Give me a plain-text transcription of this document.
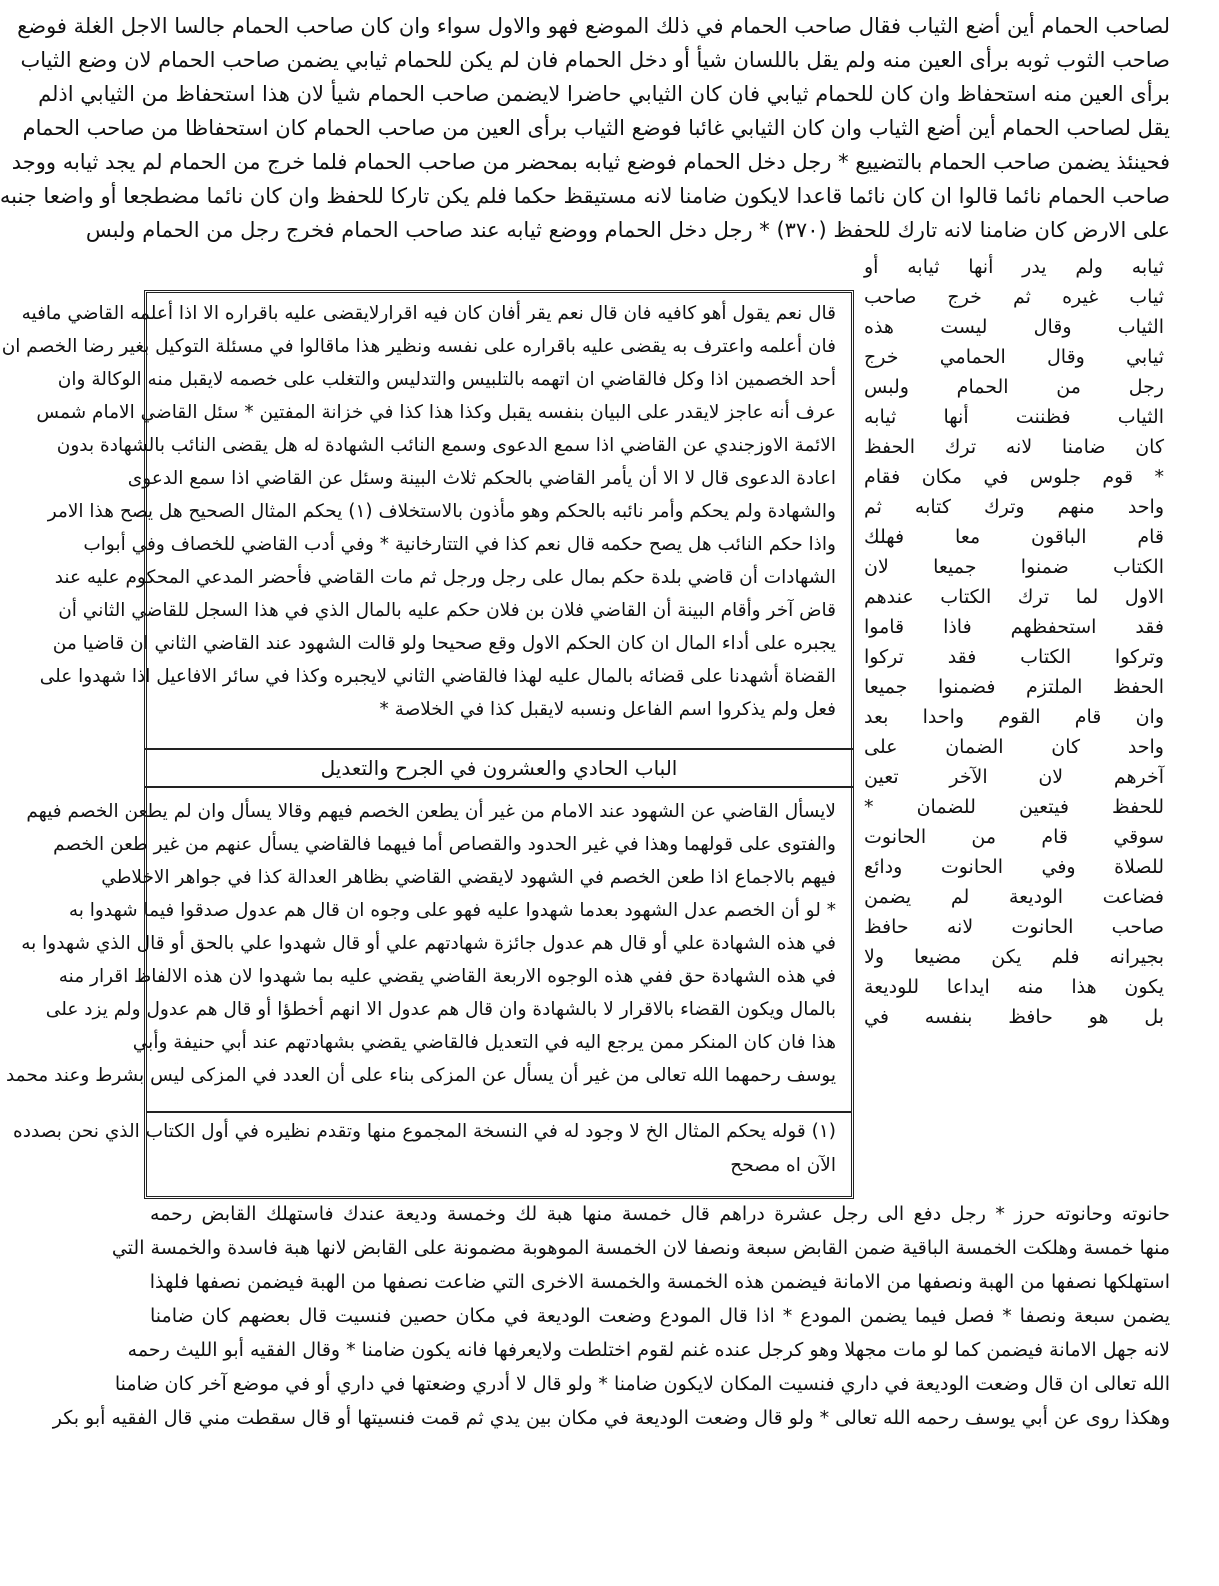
لصاحب الحمام أين أضع الثياب فقال صاحب الحمام في ذلك الموضع فهو والاول سواء وان كان صاحب الحمام جالسا الاجل الغلة فوضع
صاحب الثوب ثوبه برأى العين منه ولم يقل باللسان شيأ أو دخل الحمام فان لم يكن للحمام ثيابي يضمن صاحب الحمام لان وضع الثياب
برأى العين منه استحفاظ وان كان للحمام ثيابي فان كان الثيابي حاضرا لايضمن صاحب الحمام شيأ لان هذا استحفاظ من الثيابي اذلم
يقل لصاحب الحمام أين أضع الثياب وان كان الثيابي غائبا فوضع الثياب برأى العين من صاحب الحمام كان استحفاظا من صاحب الحمام
فحينئذ يضمن صاحب الحمام بالتضييع * رجل دخل الحمام فوضع ثيابه بمحضر من صاحب الحمام فلما خرج من الحمام لم يجد ثيابه ووجد
صاحب الحمام نائما قالوا ان كان نائما قاعدا لايكون ضامنا لانه مستيقظ حكما فلم يكن تاركا للحفظ وان كان نائما مضطجعا أو واضعا جنبه
على الارض كان ضامنا لانه تارك للحفظ (٣٧٠) * رجل دخل الحمام ووضع ثيابه عند صاحب الحمام فخرج رجل من الحمام ولبس
ثيابه ولم يدر أنها ثيابه أو
ثياب غيره ثم خرج صاحب
الثياب وقال ليست هذه
ثيابي وقال الحمامي خرج
رجل من الحمام ولبس
الثياب فظننت أنها ثيابه
كان ضامنا لانه ترك الحفظ
* قوم جلوس في مكان فقام
واحد منهم وترك كتابه ثم
قام الباقون معا فهلك
الكتاب ضمنوا جميعا لان
الاول لما ترك الكتاب عندهم
فقد استحفظهم فاذا قاموا
وتركوا الكتاب فقد تركوا
الحفظ الملتزم فضمنوا جميعا
وان قام القوم واحدا بعد
واحد كان الضمان على
آخرهم لان الآخر تعين
للحفظ فيتعين للضمان *
سوقي قام من الحانوت
للصلاة وفي الحانوت ودائع
فضاعت الوديعة لم يضمن
صاحب الحانوت لانه حافظ
بجيرانه فلم يكن مضيعا ولا
يكون هذا منه ايداعا للوديعة
بل هو حافظ بنفسه في
قال نعم يقول أهو كافيه فان قال نعم يقر أفان كان فيه اقرارلايقضى عليه باقراره الا اذا أعلمه القاضي مافيه
فان أعلمه واعترف به يقضى عليه باقراره على نفسه ونظير هذا ماقالوا في مسئلة التوكيل بغير رضا الخصم ان
أحد الخصمين اذا وكل فالقاضي ان اتهمه بالتلبيس والتدليس والتغلب على خصمه لايقبل منه الوكالة وان
عرف أنه عاجز لايقدر على البيان بنفسه يقبل وكذا هذا كذا في خزانة المفتين * سئل القاضي الامام شمس
الائمة الاوزجندي عن القاضي اذا سمع الدعوى وسمع النائب الشهادة له هل يقضى النائب بالشهادة بدون
اعادة الدعوى قال لا الا أن يأمر القاضي بالحكم ثلاث البينة وسئل عن القاضي اذا سمع الدعوى
والشهادة ولم يحكم وأمر نائبه بالحكم وهو مأذون بالاستخلاف (١) يحكم المثال الصحيح هل يصح هذا الامر
واذا حكم النائب هل يصح حكمه قال نعم كذا في التتارخانية * وفي أدب القاضي للخصاف وفي أبواب
الشهادات أن قاضي بلدة حكم بمال على رجل ورجل ثم مات القاضي فأحضر المدعي المحكوم عليه عند
قاض آخر وأقام البينة أن القاضي فلان بن فلان حكم عليه بالمال الذي في هذا السجل للقاضي الثاني أن
يجبره على أداء المال ان كان الحكم الاول وقع صحيحا ولو قالت الشهود عند القاضي الثاني ان قاضيا من
القضاة أشهدنا على قضائه بالمال عليه لهذا فالقاضي الثاني لايجبره وكذا في سائر الافاعيل اذا شهدوا على
فعل ولم يذكروا اسم الفاعل ونسبه لايقبل كذا في الخلاصة *
الباب الحادي والعشرون في الجرح والتعديل
لايسأل القاضي عن الشهود عند الامام من غير أن يطعن الخصم فيهم وقالا يسأل وان لم يطعن الخصم فيهم
والفتوى على قولهما وهذا في غير الحدود والقصاص أما فيهما فالقاضي يسأل عنهم من غير طعن الخصم
فيهم بالاجماع اذا طعن الخصم في الشهود لايقضي القاضي بظاهر العدالة كذا في جواهر الاخلاطي
* لو أن الخصم عدل الشهود بعدما شهدوا عليه فهو على وجوه ان قال هم عدول صدقوا فيما شهدوا به
في هذه الشهادة علي أو قال هم عدول جائزة شهادتهم علي أو قال شهدوا علي بالحق أو قال الذي شهدوا به
في هذه الشهادة حق ففي هذه الوجوه الاربعة القاضي يقضي عليه بما شهدوا لان هذه الالفاظ اقرار منه
بالمال ويكون القضاء بالاقرار لا بالشهادة وان قال هم عدول الا انهم أخطؤا أو قال هم عدول ولم يزد على
هذا فان كان المنكر ممن يرجع اليه في التعديل فالقاضي يقضي بشهادتهم عند أبي حنيفة وأبي
يوسف رحمهما الله تعالى من غير أن يسأل عن المزكى بناء على أن العدد في المزكى ليس بشرط وعند محمد
(١) قوله يحكم المثال الخ لا وجود له في النسخة المجموع منها وتقدم نظيره في أول الكتاب الذي نحن بصدده
الآن اه مصحح
حانوته وحانوته حرز * رجل دفع الى رجل عشرة دراهم قال خمسة منها هبة لك وخمسة وديعة عندك فاستهلك القابض رحمه
منها خمسة وهلكت الخمسة الباقية ضمن القابض سبعة ونصفا لان الخمسة الموهوبة مضمونة على القابض لانها هبة فاسدة والخمسة التي
استهلكها نصفها من الهبة ونصفها من الامانة فيضمن هذه الخمسة والخمسة الاخرى التي ضاعت نصفها من الهبة فيضمن نصفها فلهذا
يضمن سبعة ونصفا * فصل فيما يضمن المودع * اذا قال المودع وضعت الوديعة في مكان حصين فنسيت قال بعضهم كان ضامنا
لانه جهل الامانة فيضمن كما لو مات مجهلا وهو كرجل عنده غنم لقوم اختلطت ولايعرفها فانه يكون ضامنا * وقال الفقيه أبو الليث رحمه
الله تعالى ان قال وضعت الوديعة في داري فنسيت المكان لايكون ضامنا * ولو قال لا أدري وضعتها في داري أو في موضع آخر كان ضامنا
وهكذا روى عن أبي يوسف رحمه الله تعالى * ولو قال وضعت الوديعة في مكان بين يدي ثم قمت فنسيتها أو قال سقطت مني قال الفقيه أبو بكر
